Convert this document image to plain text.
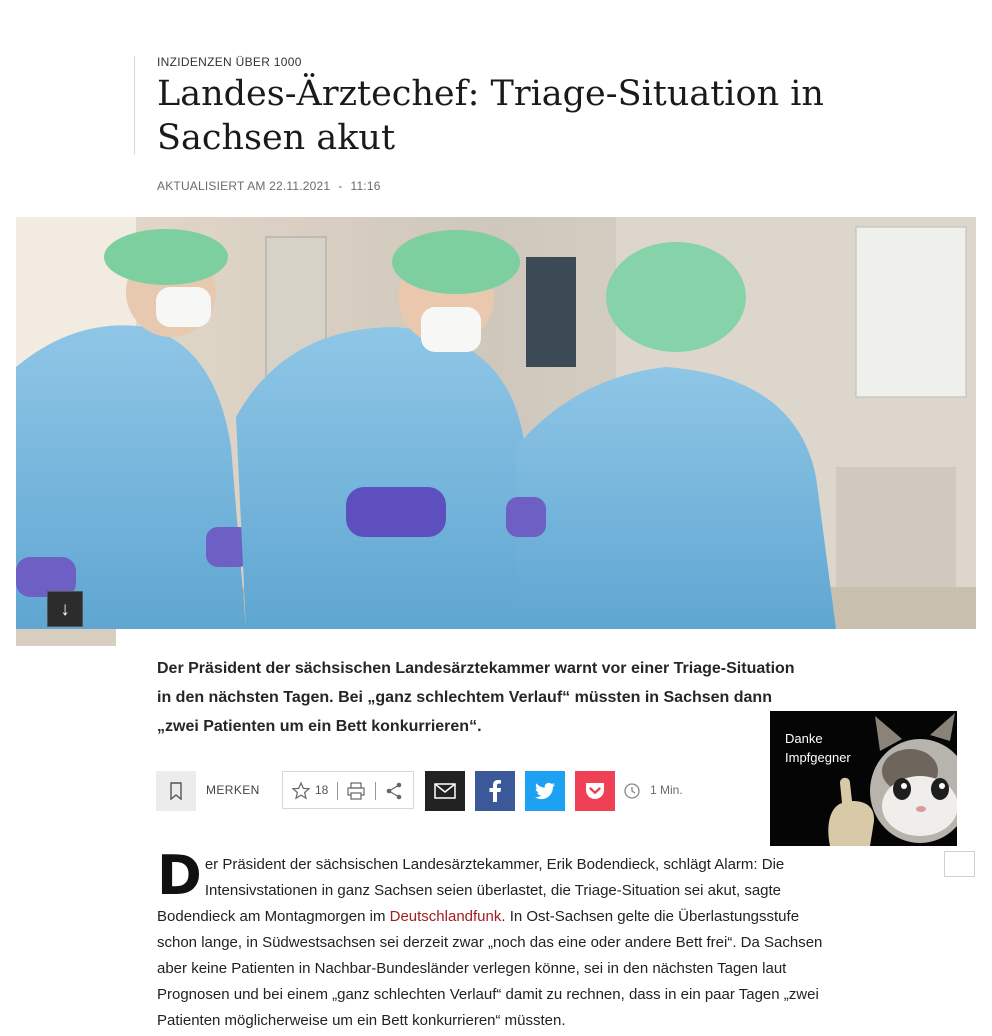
INZIDENZEN ÜBER 1000
Landes-Ärztechef: Triage-Situation in Sachsen akut
AKTUALISIERT AM 22.11.2021 - 11:16
↓

Der Präsident der sächsischen Landesärztekammer warnt vor einer Triage-Situation in den nächsten Tagen. Bei „ganz schlechtem Verlauf“ müssten in Sachsen dann „zwei Patienten um ein Bett konkurrieren“.

MERKEN	18	1 Min.

Danke
Impfgegner

Der Präsident der sächsischen Landesärztekammer, Erik Bodendieck, schlägt Alarm: Die Intensivstationen in ganz Sachsen seien überlastet, die Triage-Situation sei akut, sagte Bodendieck am Montagmorgen im Deutschlandfunk. In Ost-Sachsen gelte die Überlastungsstufe schon lange, in Südwestsachsen sei derzeit zwar „noch das eine oder andere Bett frei“. Da Sachsen aber keine Patienten in Nachbar-Bundesländer verlegen könne, sei in den nächsten Tagen laut Prognosen und bei einem „ganz schlechten Verlauf“ damit zu rechnen, dass in ein paar Tagen „zwei Patienten möglicherweise um ein Bett konkurrieren“ müssten.
